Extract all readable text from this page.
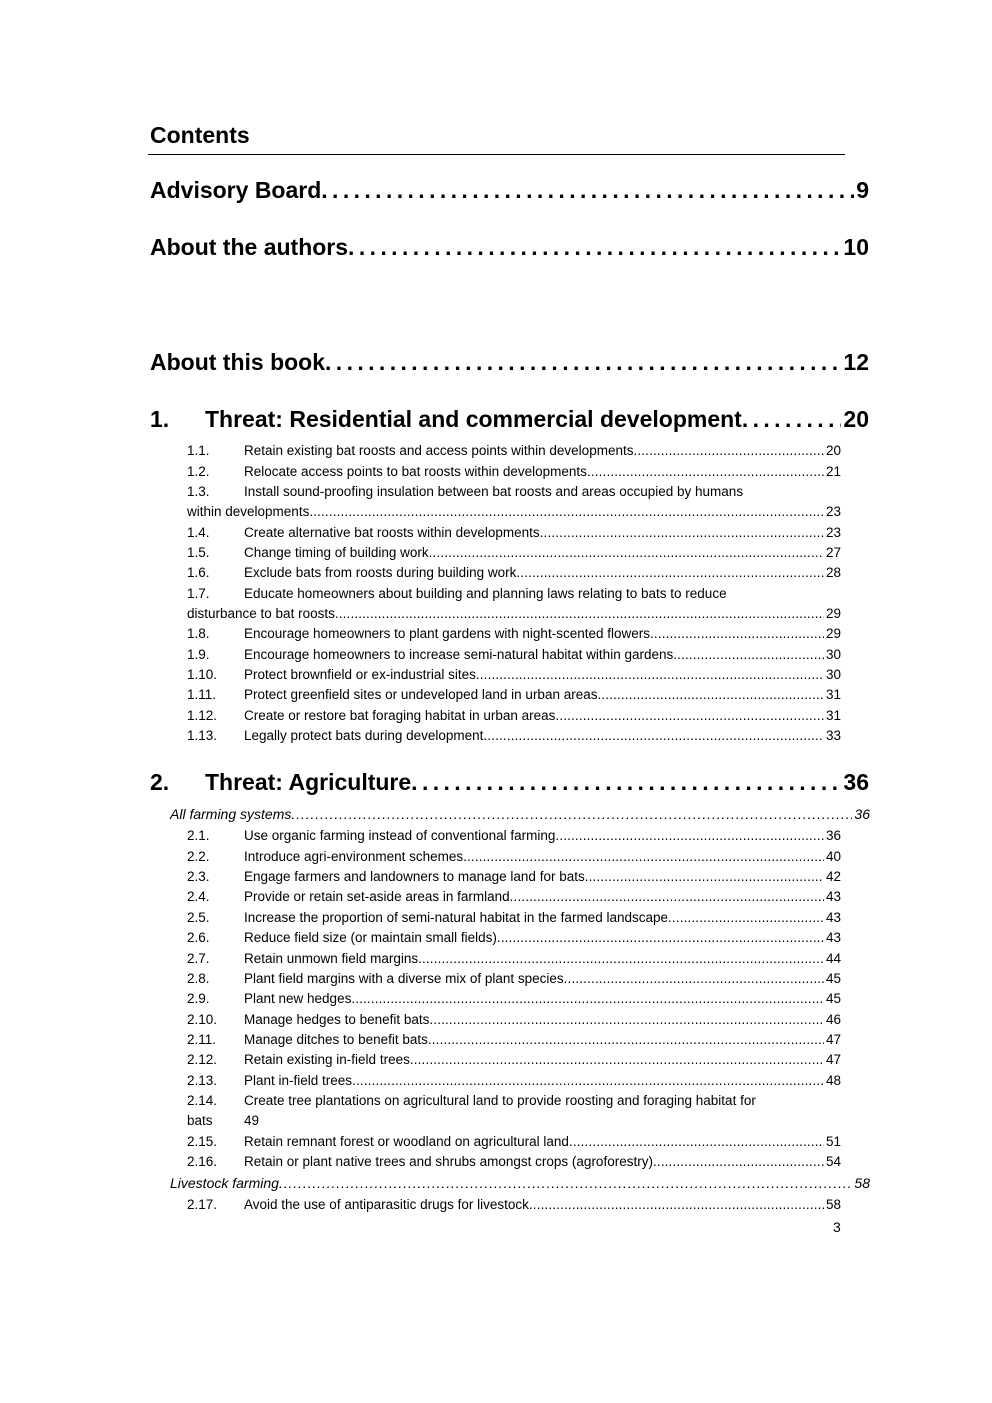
Contents
Advisory Board . . .	9
About the authors . . .	10
About this book . . .	12
1.	Threat: Residential and commercial development . . .	20
1.1.	Retain existing bat roosts and access points within developments . . .	20
1.2.	Relocate access points to bat roosts within developments . . .	21
1.3.	Install sound-proofing insulation between bat roosts and areas occupied by humans
within developments . . .	23
1.4.	Create alternative bat roosts within developments . . .	23
1.5.	Change timing of building work . . .	27
1.6.	Exclude bats from roosts during building work . . .	28
1.7.	Educate homeowners about building and planning laws relating to bats to reduce
disturbance to bat roosts . . .	29
1.8.	Encourage homeowners to plant gardens with night-scented flowers . . .	29
1.9.	Encourage homeowners to increase semi-natural habitat within gardens . . .	30
1.10.	Protect brownfield or ex-industrial sites . . .	30
1.11.	Protect greenfield sites or undeveloped land in urban areas . . .	31
1.12.	Create or restore bat foraging habitat in urban areas . . .	31
1.13.	Legally protect bats during development . . .	33
2.	Threat: Agriculture . . .	36
All farming systems . . .	36
2.1.	Use organic farming instead of conventional farming . . .	36
2.2.	Introduce agri-environment schemes . . .	40
2.3.	Engage farmers and landowners to manage land for bats . . .	42
2.4.	Provide or retain set-aside areas in farmland . . .	43
2.5.	Increase the proportion of semi-natural habitat in the farmed landscape . . .	43
2.6.	Reduce field size (or maintain small fields) . . .	43
2.7.	Retain unmown field margins . . .	44
2.8.	Plant field margins with a diverse mix of plant species . . .	45
2.9.	Plant new hedges . . .	45
2.10.	Manage hedges to benefit bats . . .	46
2.11.	Manage ditches to benefit bats . . .	47
2.12.	Retain existing in-field trees . . .	47
2.13.	Plant in-field trees . . .	48
2.14. Create tree plantations on agricultural land to provide roosting and foraging habitat for
bats 49
2.15.	Retain remnant forest or woodland on agricultural land . . .	51
2.16.	Retain or plant native trees and shrubs amongst crops (agroforestry) . . .	54
Livestock farming . . .	58
2.17.	Avoid the use of antiparasitic drugs for livestock . . .	58
3
